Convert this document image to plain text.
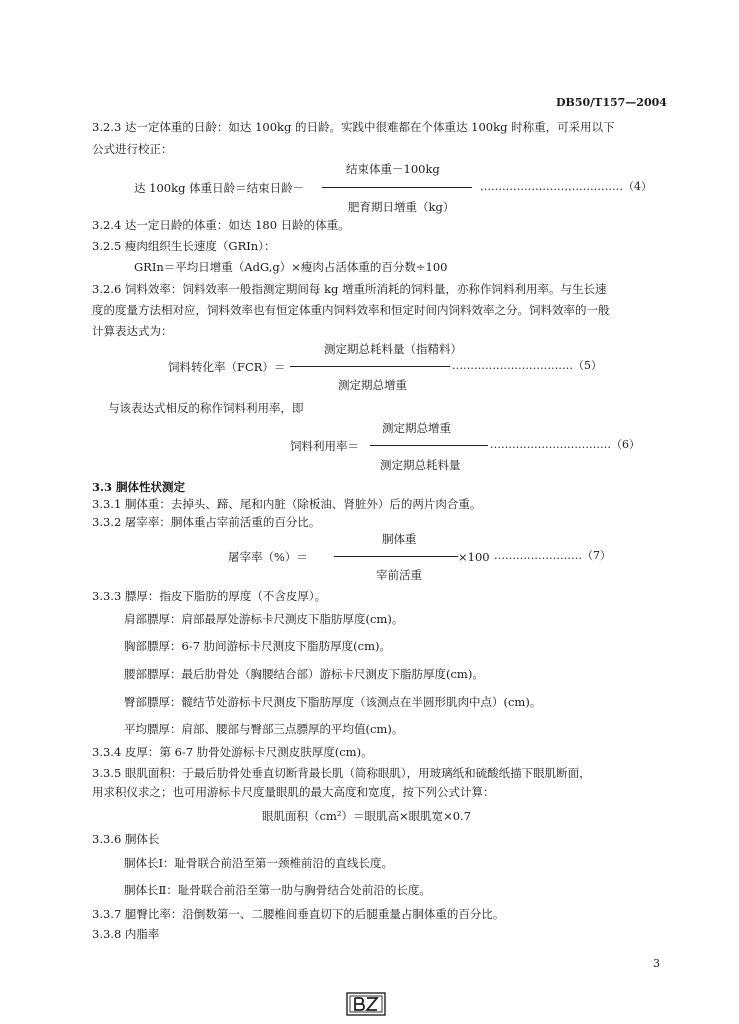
DB50/T157—2004
3.2.3 达一定体重的日龄：如达 100kg 的日龄。实践中很难都在个体重达 100kg 时称重，可采用以下
公式进行校正：
结束体重－100kg
达 100kg 体重日龄＝结束日龄－	…………………………………（4）
肥育期日增重（kg）
3.2.4 达一定日龄的体重：如达 180 日龄的体重。
3.2.5 瘦肉组织生长速度（GRIn）：
GRIn＝平均日增重（AdG,g）×瘦肉占活体重的百分数÷100
3.2.6 饲料效率：饲料效率一般指测定期间每 kg 增重所消耗的饲料量，亦称作饲料利用率。与生长速
度的度量方法相对应，饲料效率也有恒定体重内饲料效率和恒定时间内饲料效率之分。饲料效率的一般
计算表达式为：
测定期总耗料量（指精料）
饲料转化率（FCR）＝	……………………………（5）
测定期总增重
与该表达式相反的称作饲料利用率，即
测定期总增重
饲料利用率＝	……………………………（6）
测定期总耗料量
3.3 胴体性状测定
3.3.1 胴体重：去掉头、蹄、尾和内脏（除板油、肾脏外）后的两片肉合重。
3.3.2 屠宰率：胴体重占宰前活重的百分比。
胴体重
屠宰率（%）＝	×100 ……………………（7）
宰前活重
3.3.3 膘厚：指皮下脂肪的厚度（不含皮厚）。
肩部膘厚：肩部最厚处游标卡尺测皮下脂肪厚度(cm)。
胸部膘厚：6-7 肋间游标卡尺测皮下脂肪厚度(cm)。
腰部膘厚：最后肋骨处（胸腰结合部）游标卡尺测皮下脂肪厚度(cm)。
臀部膘厚：髋结节处游标卡尺测皮下脂肪厚度（该测点在半圆形肌肉中点）(cm)。
平均膘厚：肩部、腰部与臀部三点膘厚的平均值(cm)。
3.3.4 皮厚：第 6-7 肋骨处游标卡尺测皮肤厚度(cm)。
3.3.5 眼肌面积：于最后肋骨处垂直切断背最长肌（简称眼肌），用玻璃纸和硫酸纸描下眼肌断面，
用求积仪求之；也可用游标卡尺度量眼肌的最大高度和宽度，按下列公式计算：
眼肌面积（cm²）＝眼肌高×眼肌宽×0.7
3.3.6 胴体长
胴体长Ⅰ：耻骨联合前沿至第一颈椎前沿的直线长度。
胴体长Ⅱ：耻骨联合前沿至第一肋与胸骨结合处前沿的长度。
3.3.7 腿臀比率：沿倒数第一、二腰椎间垂直切下的后腿重量占胴体重的百分比。
3.3.8 内脂率
3
